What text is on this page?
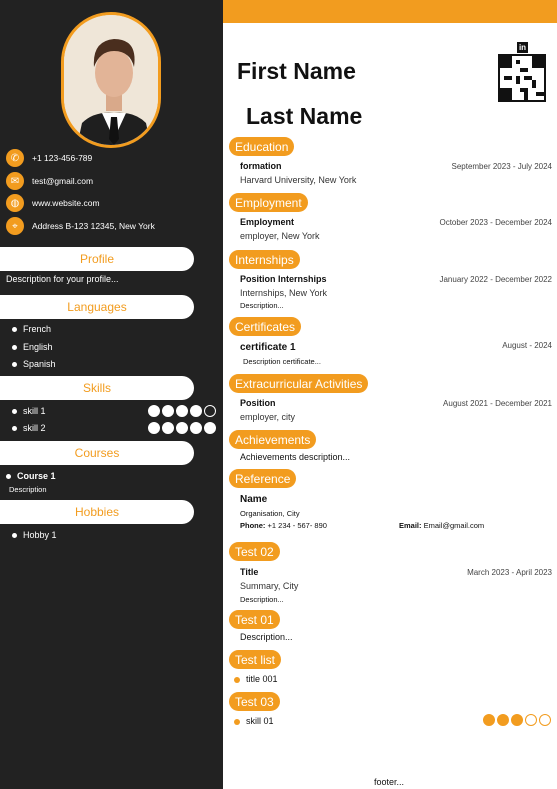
✆	+1 123-456-789
✉	test@gmail.com
◍	www.website.com
⌖	Address B-123 12345, New York
Profile
Description for your profile...
Languages
French
English
Spanish
Skills
skill 1
skill 2
Courses
Course 1
Description
Hobbies
Hobby 1
First Name
Last Name
in
Education
formation
Harvard University, New York
September 2023 - July 2024
Employment
Employment
employer, New York
October 2023 - December 2024
Internships
Position Internships
Internships, New York
Description...
January 2022 - December 2022
Certificates
certificate 1
Description certificate...
August - 2024
Extracurricular Activities
Position
employer, city
August 2021 - December 2021
Achievements
Achievements description...
Reference
Name
Organisation, City
Phone: +1 234 - 567- 890	Email: Email@gmail.com
Test 02
Title
Summary, City
Description...
March 2023 - April 2023
Test 01
Description...
Test list
title 001
Test 03
skill 01
footer...
